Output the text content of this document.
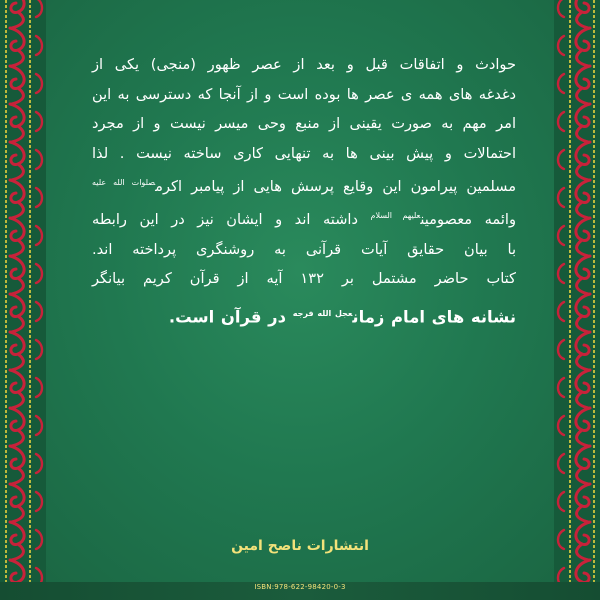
حوادث و اتفاقات قبل و بعد از عصر ظهور (منجی) یکی از
دغدغه های همه ی عصر ها بوده است و از آنجا که دسترسی به این
امر مهم به صورت یقینی از منبع وحی میسر نیست و از مجرد
احتمالات و پیش بینی ها به تنهایی کاری ساخته نیست . لذا
مسلمین پیرامون این وقایع پرسش هایی از پیامبر اکرم$^{صلوات الله علیه}$
وائمه معصومین$^{علیهم السلام}$ داشته اند و ایشان نیز در این رابطه
با بیان حقایق آیات قرآنی به روشنگری پرداخته اند.
کتاب حاضر مشتمل بر ۱۳۲ آیه از قرآن کریم بیانگر
نشانه های امام زمان$^{عجل الله فرجه}$ در قرآن است.
انتشارات ناصح امین
ISBN:978-622-98420-0-3
